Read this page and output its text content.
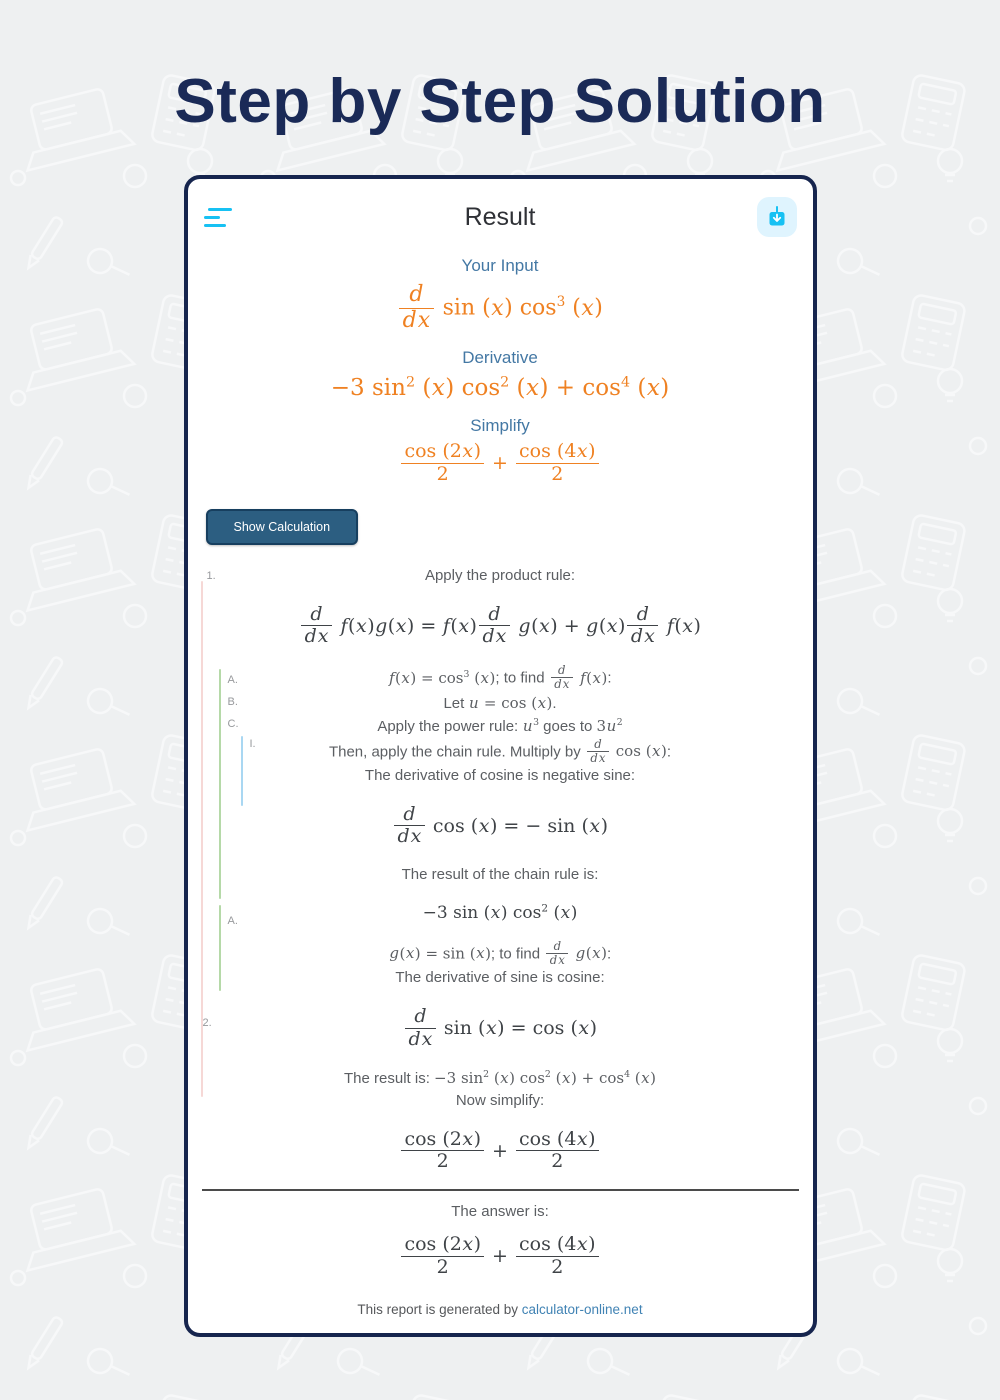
Step by Step Solution
Result
Your Input
$\frac{d}{dx}$ sin (x) $\cos^3 (x)$
Derivative
−3 $\sin^2 (x)$ $\cos^2 (x) + \cos^4 (x)$
Simplify
$\frac{\cos (2x)}{2} + \frac{\cos (4x)}{2}$
Show Calculation
1.
A.
B.
C.
I.
A.
2.
Apply the product rule:
$\frac{d}{dx} f(x)g(x) = f(x) \frac{d}{dx} g(x) + g(x) \frac{d}{dx} f(x)$
$f(x) = \cos^3 (x)$; to find $\frac{d}{dx} f(x)$:
Let u = cos (x).
Apply the power rule: $u^3$ goes to $3u^2$
Then, apply the chain rule. Multiply by $\frac{d}{dx}$ cos (x):
The derivative of cosine is negative sine:
$\frac{d}{dx}$ cos (x) = − sin (x)
The result of the chain rule is:
−3 sin (x) $\cos^2 (x)$
g(x) = sin (x); to find $\frac{d}{dx} g(x)$:
The derivative of sine is cosine:
$\frac{d}{dx}$ sin (x) = cos (x)
The result is: −3 $\sin^2 (x)$ $\cos^2 (x) + \cos^4 (x)$
Now simplify:
$\frac{\cos (2x)}{2} + \frac{\cos (4x)}{2}$
The answer is:
$\frac{\cos (2x)}{2} + \frac{\cos (4x)}{2}$
This report is generated by calculator-online.net
